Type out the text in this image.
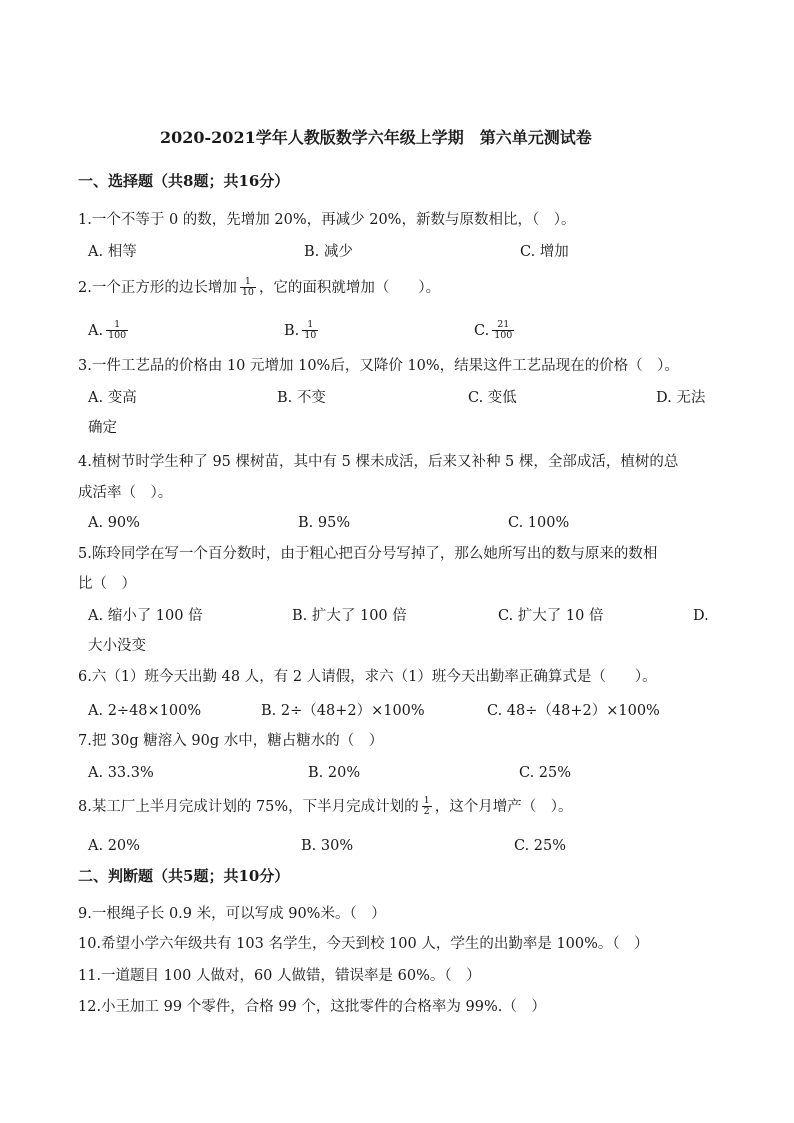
2020-2021学年人教版数学六年级上学期　第六单元测试卷
一、选择题（共8题；共16分）
1.一个不等于 0 的数，先增加 20%，再减少 20%，新数与原数相比，（　）。
A. 相等	B. 减少	C. 增加
2.一个正方形的边长增加 $\frac{1}{10}$ ，它的面积就增加（　　）。
A. $\frac{1}{100}$	B. $\frac{1}{10}$	C. $\frac{21}{100}$
3.一件工艺品的价格由 10 元增加 10%后，又降价 10%，结果这件工艺品现在的价格（　）。
A. 变高	B. 不变	C. 变低	D. 无法
确定
4.植树节时学生种了 95 棵树苗，其中有 5 棵未成活，后来又补种 5 棵，全部成活，植树的总
成活率（　）。
A. 90%	B. 95%	C. 100%
5.陈玲同学在写一个百分数时，由于粗心把百分号写掉了，那么她所写出的数与原来的数相
比（　）
A. 缩小了 100 倍	B. 扩大了 100 倍	C. 扩大了 10 倍	D.
大小没变
6.六（1）班今天出勤 48 人，有 2 人请假，求六（1）班今天出勤率正确算式是（　　）。
A. 2÷48×100%	B. 2÷（48+2）×100%	C. 48÷（48+2）×100%
7.把 30g 糖溶入 90g 水中，糖占糖水的（　）
A. 33.3%	B. 20%	C. 25%
8.某工厂上半月完成计划的 75%，下半月完成计划的 $\frac{1}{2}$ ，这个月增产（　）。
A. 20%	B. 30%	C. 25%
二、判断题（共5题；共10分）
9.一根绳子长 0.9 米，可以写成 90%米。（　）
10.希望小学六年级共有 103 名学生，今天到校 100 人，学生的出勤率是 100%。（　）
11.一道题目 100 人做对，60 人做错，错误率是 60%。（　）
12.小王加工 99 个零件，合格 99 个，这批零件的合格率为 99%.（　）
